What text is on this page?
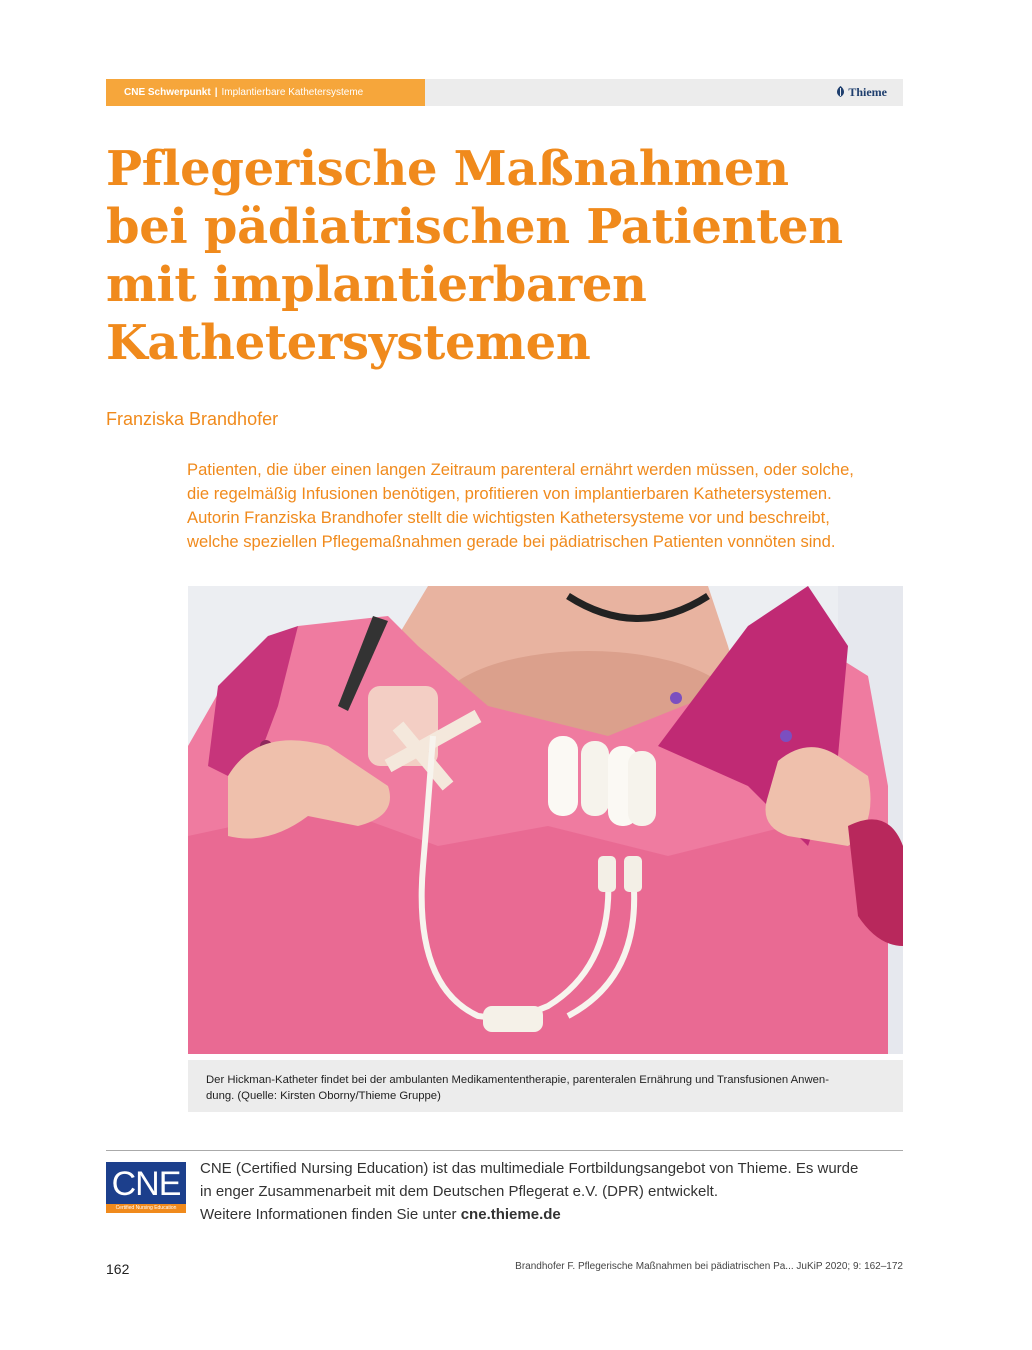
CNE Schwerpunkt | Implantierbare Kathetersysteme	Thieme
Pflegerische Maßnahmen
bei pädiatrischen Patienten
mit implantierbaren
Kathetersystemen
Franziska Brandhofer

Patienten, die über einen langen Zeitraum parenteral ernährt werden müssen, oder solche,
die regelmäßig Infusionen benötigen, profitieren von implantierbaren Kathetersystemen.
Autorin Franziska Brandhofer stellt die wichtigsten Kathetersysteme vor und beschreibt,
welche speziellen Pflegemaßnahmen gerade bei pädiatrischen Patienten vonnöten sind.

Der Hickman-Katheter findet bei der ambulanten Medikamententherapie, parenteralen Ernährung und Transfusionen Anwen-
dung. (Quelle: Kirsten Oborny/Thieme Gruppe)
CNE
Certified Nursing Education

CNE (Certified Nursing Education) ist das multimediale Fortbildungsangebot von Thieme. Es wurde
in enger Zusammenarbeit mit dem Deutschen Pflegerat e.V. (DPR) entwickelt.
Weitere Informationen finden Sie unter cne.thieme.de

162	Brandhofer F. Pflegerische Maßnahmen bei pädiatrischen Pa... JuKiP 2020; 9: 162–172
